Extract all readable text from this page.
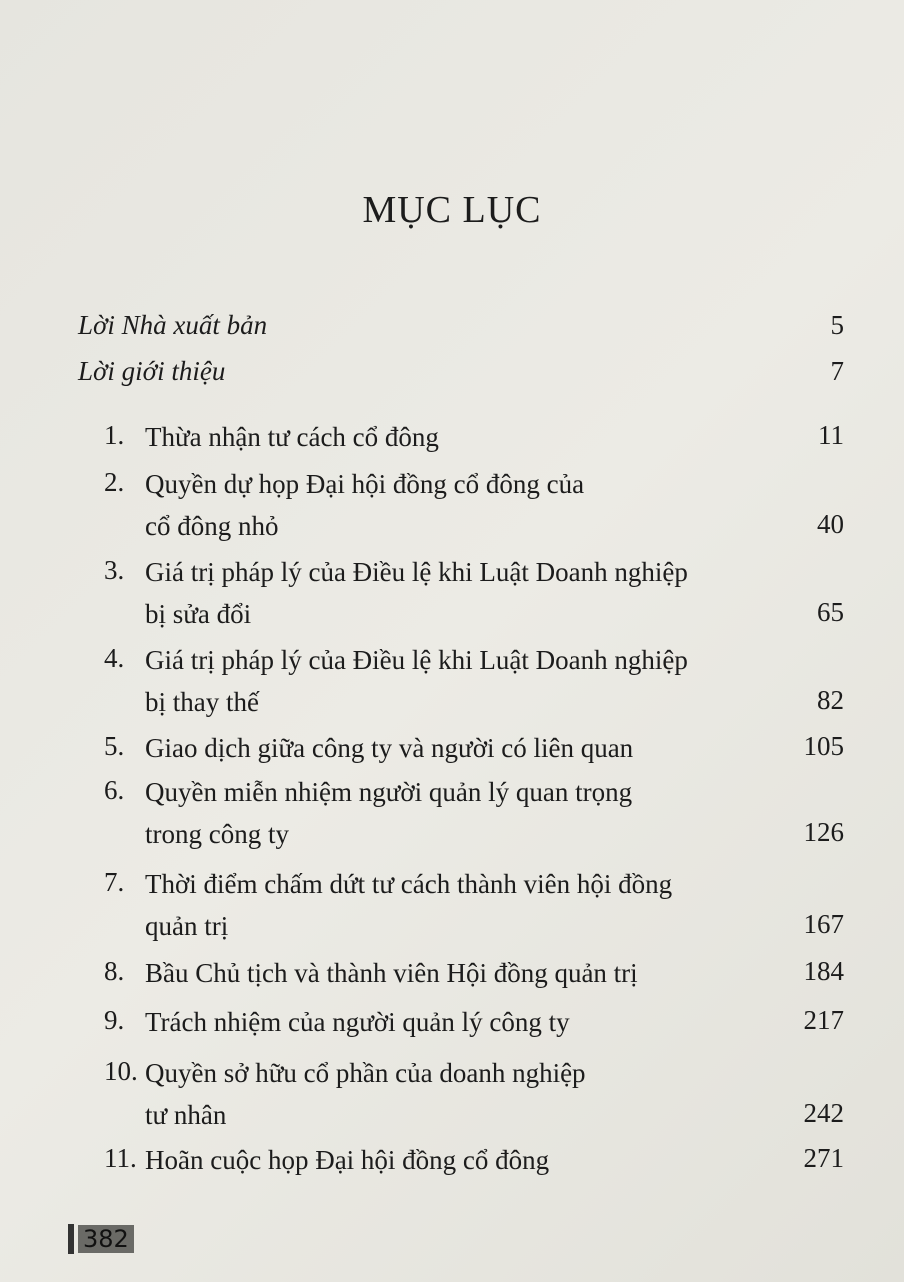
MỤC LỤC
Lời Nhà xuất bản	5
Lời giới thiệu	7
1. Thừa nhận tư cách cổ đông	11
2. Quyền dự họp Đại hội đồng cổ đông của
cổ đông nhỏ	40
3. Giá trị pháp lý của Điều lệ khi Luật Doanh nghiệp
bị sửa đổi	65
4. Giá trị pháp lý của Điều lệ khi Luật Doanh nghiệp
bị thay thế	82
5. Giao dịch giữa công ty và người có liên quan	105
6. Quyền miễn nhiệm người quản lý quan trọng
trong công ty	126
7. Thời điểm chấm dứt tư cách thành viên hội đồng
quản trị	167
8. Bầu Chủ tịch và thành viên Hội đồng quản trị	184
9. Trách nhiệm của người quản lý công ty	217
10. Quyền sở hữu cổ phần của doanh nghiệp
tư nhân	242
11. Hoãn cuộc họp Đại hội đồng cổ đông	271
382
